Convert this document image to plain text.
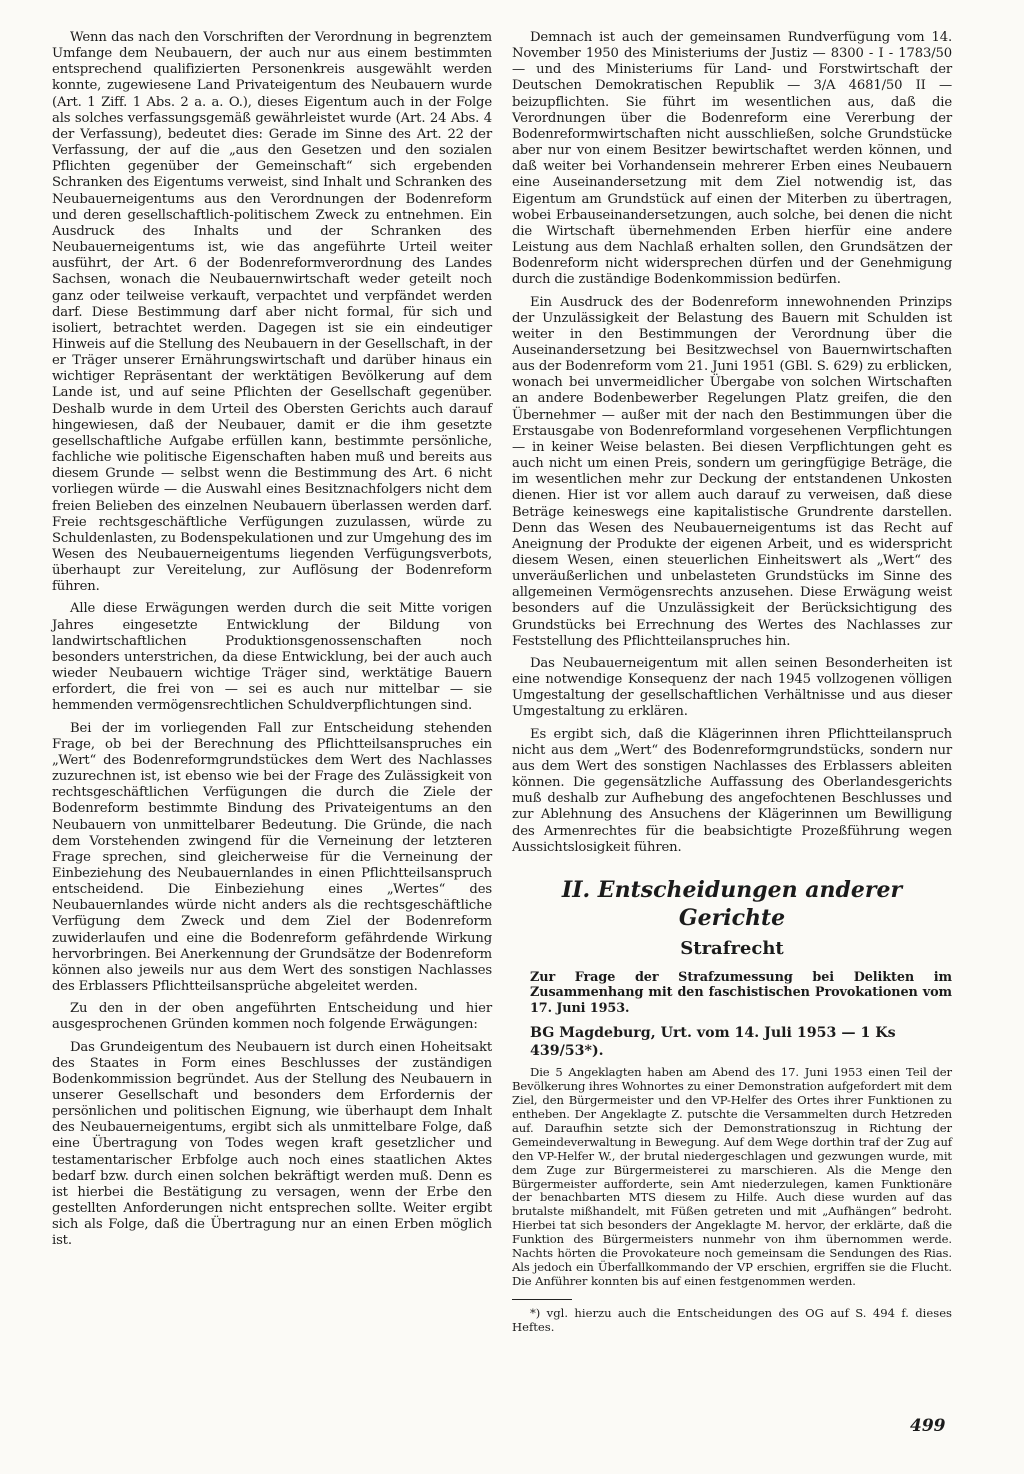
Wenn das nach den Vorschriften der Verordnung in begrenztem Umfange dem Neubauern, der auch nur aus einem bestimmten entsprechend qualifizierten Personenkreis ausgewählt werden konnte, zugewiesene Land Privateigentum des Neubauern wurde (Art. 1 Ziff. 1 Abs. 2 a. a. O.), dieses Eigentum auch in der Folge als solches verfassungsgemäß gewährleistet wurde (Art. 24 Abs. 4 der Verfassung), bedeutet dies: Gerade im Sinne des Art. 22 der Verfassung, der auf die „aus den Gesetzen und den sozialen Pflichten gegenüber der Gemeinschaft“ sich ergebenden Schranken des Eigentums verweist, sind Inhalt und Schranken des Neubauerneigentums aus den Verordnungen der Bodenreform und deren gesellschaftlich-politischem Zweck zu entnehmen. Ein Ausdruck des Inhalts und der Schranken des Neubauerneigentums ist, wie das angeführte Urteil weiter ausführt, der Art. 6 der Bodenreformverordnung des Landes Sachsen, wonach die Neubauernwirtschaft weder geteilt noch ganz oder teilweise verkauft, verpachtet und verpfändet werden darf. Diese Bestimmung darf aber nicht formal, für sich und isoliert, betrachtet werden. Dagegen ist sie ein eindeutiger Hinweis auf die Stellung des Neubauern in der Gesellschaft, in der er Träger unserer Ernährungswirtschaft und darüber hinaus ein wichtiger Repräsentant der werktätigen Bevölkerung auf dem Lande ist, und auf seine Pflichten der Gesellschaft gegenüber. Deshalb wurde in dem Urteil des Obersten Gerichts auch darauf hingewiesen, daß der Neubauer, damit er die ihm gesetzte gesellschaftliche Aufgabe erfüllen kann, bestimmte persönliche, fachliche wie politische Eigenschaften haben muß und bereits aus diesem Grunde — selbst wenn die Bestimmung des Art. 6 nicht vorliegen würde — die Auswahl eines Besitznachfolgers nicht dem freien Belieben des einzelnen Neubauern überlassen werden darf. Freie rechtsgeschäftliche Verfügungen zuzulassen, würde zu Schuldenlasten, zu Bodenspekulationen und zur Umgehung des im Wesen des Neubauerneigentums liegenden Verfügungsverbots, überhaupt zur Vereitelung, zur Auflösung der Bodenreform führen.

Alle diese Erwägungen werden durch die seit Mitte vorigen Jahres eingesetzte Entwicklung der Bildung von landwirtschaftlichen Produktionsgenossenschaften noch besonders unterstrichen, da diese Entwicklung, bei der auch auch wieder Neubauern wichtige Träger sind, werktätige Bauern erfordert, die frei von — sei es auch nur mittelbar — sie hemmenden vermögensrechtlichen Schuldverpflichtungen sind.

Bei der im vorliegenden Fall zur Entscheidung stehenden Frage, ob bei der Berechnung des Pflichtteilsanspruches ein „Wert“ des Bodenreformgrundstückes dem Wert des Nachlasses zuzurechnen ist, ist ebenso wie bei der Frage des Zulässigkeit von rechtsgeschäftlichen Verfügungen die durch die Ziele der Bodenreform bestimmte Bindung des Privateigentums an den Neubauern von unmittelbarer Bedeutung. Die Gründe, die nach dem Vorstehenden zwingend für die Verneinung der letzteren Frage sprechen, sind gleicherweise für die Verneinung der Einbeziehung des Neubauernlandes in einen Pflichtteilsanspruch entscheidend. Die Einbeziehung eines „Wertes“ des Neubauernlandes würde nicht anders als die rechtsgeschäftliche Verfügung dem Zweck und dem Ziel der Bodenreform zuwiderlaufen und eine die Bodenreform gefährdende Wirkung hervorbringen. Bei Anerkennung der Grundsätze der Bodenreform können also jeweils nur aus dem Wert des sonstigen Nachlasses des Erblassers Pflichtteilsansprüche abgeleitet werden.

Zu den in der oben angeführten Entscheidung und hier ausgesprochenen Gründen kommen noch folgende Erwägungen:

Das Grundeigentum des Neubauern ist durch einen Hoheitsakt des Staates in Form eines Beschlusses der zuständigen Bodenkommission begründet. Aus der Stellung des Neubauern in unserer Gesellschaft und besonders dem Erfordernis der persönlichen und politischen Eignung, wie überhaupt dem Inhalt des Neubauerneigentums, ergibt sich als unmittelbare Folge, daß eine Übertragung von Todes wegen kraft gesetzlicher und testamentarischer Erbfolge auch noch eines staatlichen Aktes bedarf bzw. durch einen solchen bekräftigt werden muß. Denn es ist hierbei die Bestätigung zu versagen, wenn der Erbe den gestellten Anforderungen nicht entsprechen sollte. Weiter ergibt sich als Folge, daß die Übertragung nur an einen Erben möglich ist.

Demnach ist auch der gemeinsamen Rundverfügung vom 14. November 1950 des Ministeriums der Justiz — 8300 - I - 1783/50 — und des Ministeriums für Land- und Forstwirtschaft der Deutschen Demokratischen Republik — 3/A 4681/50 II — beizupflichten. Sie führt im wesentlichen aus, daß die Verordnungen über die Bodenreform eine Vererbung der Bodenreformwirtschaften nicht ausschließen, solche Grundstücke aber nur von einem Besitzer bewirtschaftet werden können, und daß weiter bei Vorhandensein mehrerer Erben eines Neubauern eine Auseinandersetzung mit dem Ziel notwendig ist, das Eigentum am Grundstück auf einen der Miterben zu übertragen, wobei Erbauseinandersetzungen, auch solche, bei denen die nicht die Wirtschaft übernehmenden Erben hierfür eine andere Leistung aus dem Nachlaß erhalten sollen, den Grundsätzen der Bodenreform nicht widersprechen dürfen und der Genehmigung durch die zuständige Bodenkommission bedürfen.

Ein Ausdruck des der Bodenreform innewohnenden Prinzips der Unzulässigkeit der Belastung des Bauern mit Schulden ist weiter in den Bestimmungen der Verordnung über die Auseinandersetzung bei Besitzwechsel von Bauernwirtschaften aus der Bodenreform vom 21. Juni 1951 (GBl. S. 629) zu erblicken, wonach bei unvermeidlicher Übergabe von solchen Wirtschaften an andere Bodenbewerber Regelungen Platz greifen, die den Übernehmer — außer mit der nach den Bestimmungen über die Erstausgabe von Bodenreformland vorgesehenen Verpflichtungen — in keiner Weise belasten. Bei diesen Verpflichtungen geht es auch nicht um einen Preis, sondern um geringfügige Beträge, die im wesentlichen mehr zur Deckung der entstandenen Unkosten dienen. Hier ist vor allem auch darauf zu verweisen, daß diese Beträge keineswegs eine kapitalistische Grundrente darstellen. Denn das Wesen des Neubauerneigentums ist das Recht auf Aneignung der Produkte der eigenen Arbeit, und es widerspricht diesem Wesen, einen steuerlichen Einheitswert als „Wert“ des unveräußerlichen und unbelasteten Grundstücks im Sinne des allgemeinen Vermögensrechts anzusehen. Diese Erwägung weist besonders auf die Unzulässigkeit der Berücksichtigung des Grundstücks bei Errechnung des Wertes des Nachlasses zur Feststellung des Pflichtteilanspruches hin.

Das Neubauerneigentum mit allen seinen Besonderheiten ist eine notwendige Konsequenz der nach 1945 vollzogenen völligen Umgestaltung der gesellschaftlichen Verhältnisse und aus dieser Umgestaltung zu erklären.

Es ergibt sich, daß die Klägerinnen ihren Pflichtteilanspruch nicht aus dem „Wert“ des Bodenreformgrundstücks, sondern nur aus dem Wert des sonstigen Nachlasses des Erblassers ableiten können. Die gegensätzliche Auffassung des Oberlandesgerichts muß deshalb zur Aufhebung des angefochtenen Beschlusses und zur Ablehnung des Ansuchens der Klägerinnen um Bewilligung des Armenrechtes für die beabsichtigte Prozeßführung wegen Aussichtslosigkeit führen.

II. Entscheidungen anderer Gerichte
Strafrecht

Zur Frage der Strafzumessung bei Delikten im Zusammenhang mit den faschistischen Provokationen vom 17. Juni 1953.

BG Magdeburg, Urt. vom 14. Juli 1953 — 1 Ks 439/53*).

Die 5 Angeklagten haben am Abend des 17. Juni 1953 einen Teil der Bevölkerung ihres Wohnortes zu einer Demonstration aufgefordert mit dem Ziel, den Bürgermeister und den VP-Helfer des Ortes ihrer Funktionen zu entheben. Der Angeklagte Z. putschte die Versammelten durch Hetzreden auf. Daraufhin setzte sich der Demonstrationszug in Richtung der Gemeindeverwaltung in Bewegung. Auf dem Wege dorthin traf der Zug auf den VP-Helfer W., der brutal niedergeschlagen und gezwungen wurde, mit dem Zuge zur Bürgermeisterei zu marschieren. Als die Menge den Bürgermeister aufforderte, sein Amt niederzulegen, kamen Funktionäre der benachbarten MTS diesem zu Hilfe. Auch diese wurden auf das brutalste mißhandelt, mit Füßen getreten und mit „Aufhängen“ bedroht. Hierbei tat sich besonders der Angeklagte M. hervor, der erklärte, daß die Funktion des Bürgermeisters nunmehr von ihm übernommen werde. Nachts hörten die Provokateure noch gemeinsam die Sendungen des Rias. Als jedoch ein Überfallkommando der VP erschien, ergriffen sie die Flucht. Die Anführer konnten bis auf einen festgenommen werden.

*) vgl. hierzu auch die Entscheidungen des OG auf S. 494 f. dieses Heftes.

499
